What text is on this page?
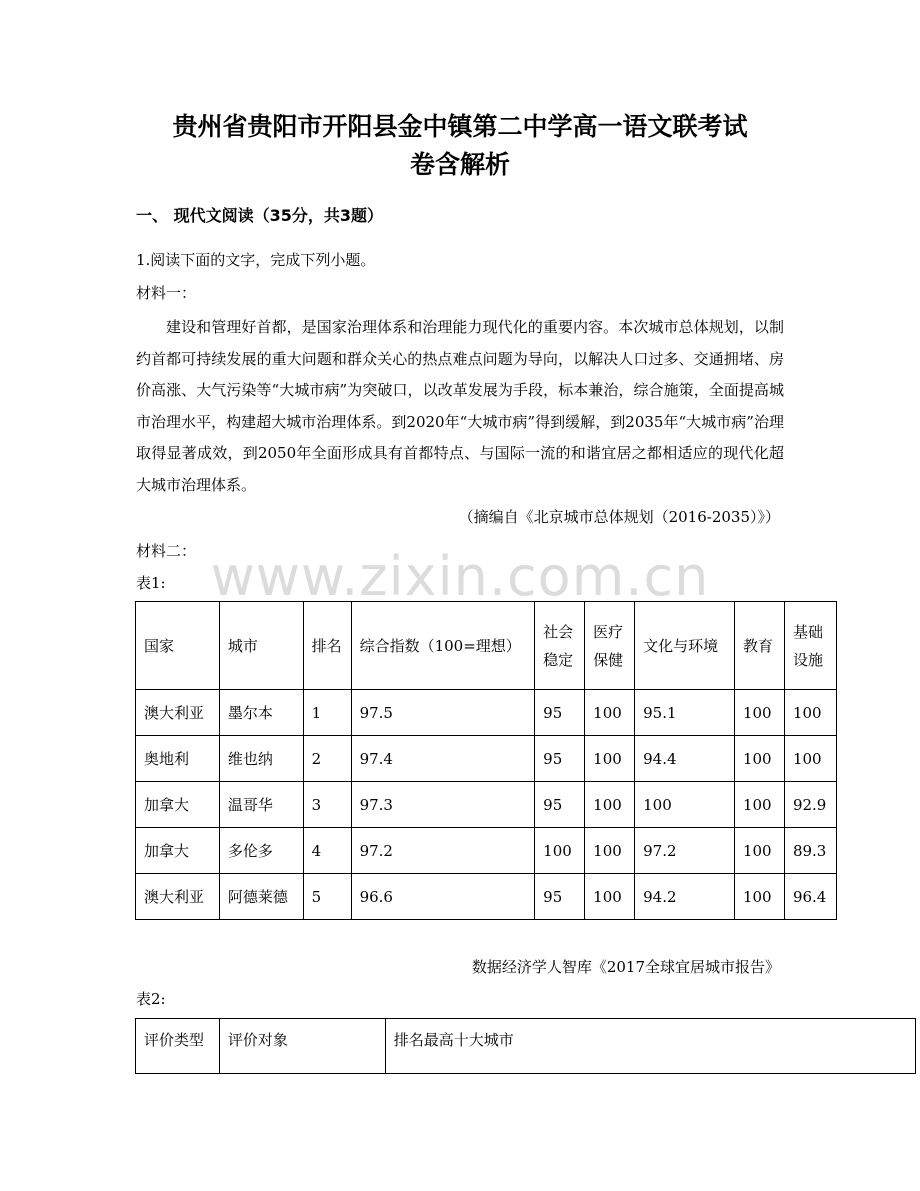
贵州省贵阳市开阳县金中镇第二中学高一语文联考试
卷含解析
一、 现代文阅读（35分，共3题）
1.阅读下面的文字，完成下列小题。
材料一：

建设和管理好首都，是国家治理体系和治理能力现代化的重要内容。本次城市总体规划，以制约首都可持续发展的重大问题和群众关心的热点难点问题为导向，以解决人口过多、交通拥堵、房价高涨、大气污染等“大城市病”为突破口，以改革发展为手段，标本兼治，综合施策，全面提高城市治理水平，构建超大城市治理体系。到2020年“大城市病”得到缓解，到2035年“大城市病”治理取得显著成效，到2050年全面形成具有首都特点、与国际一流的和谐宜居之都相适应的现代化超大城市治理体系。

（摘编自《北京城市总体规划（2016-2035）》）
材料二：
表1: www.zixin.com.cn
国家	城市	排名	综合指数（100=理想）	社会稳定	医疗保健	文化与环境	教育	基础设施
澳大利亚	墨尔本	1	97.5	95	100	95.1	100	100
奥地利	维也纳	2	97.4	95	100	94.4	100	100
加拿大	温哥华	3	97.3	95	100	100	100	92.9
加拿大	多伦多	4	97.2	100	100	97.2	100	89.3
澳大利亚	阿德莱德	5	96.6	95	100	94.2	100	96.4
数据经济学人智库《2017全球宜居城市报告》
表2:
评价类型	评价对象	排名最高十大城市
